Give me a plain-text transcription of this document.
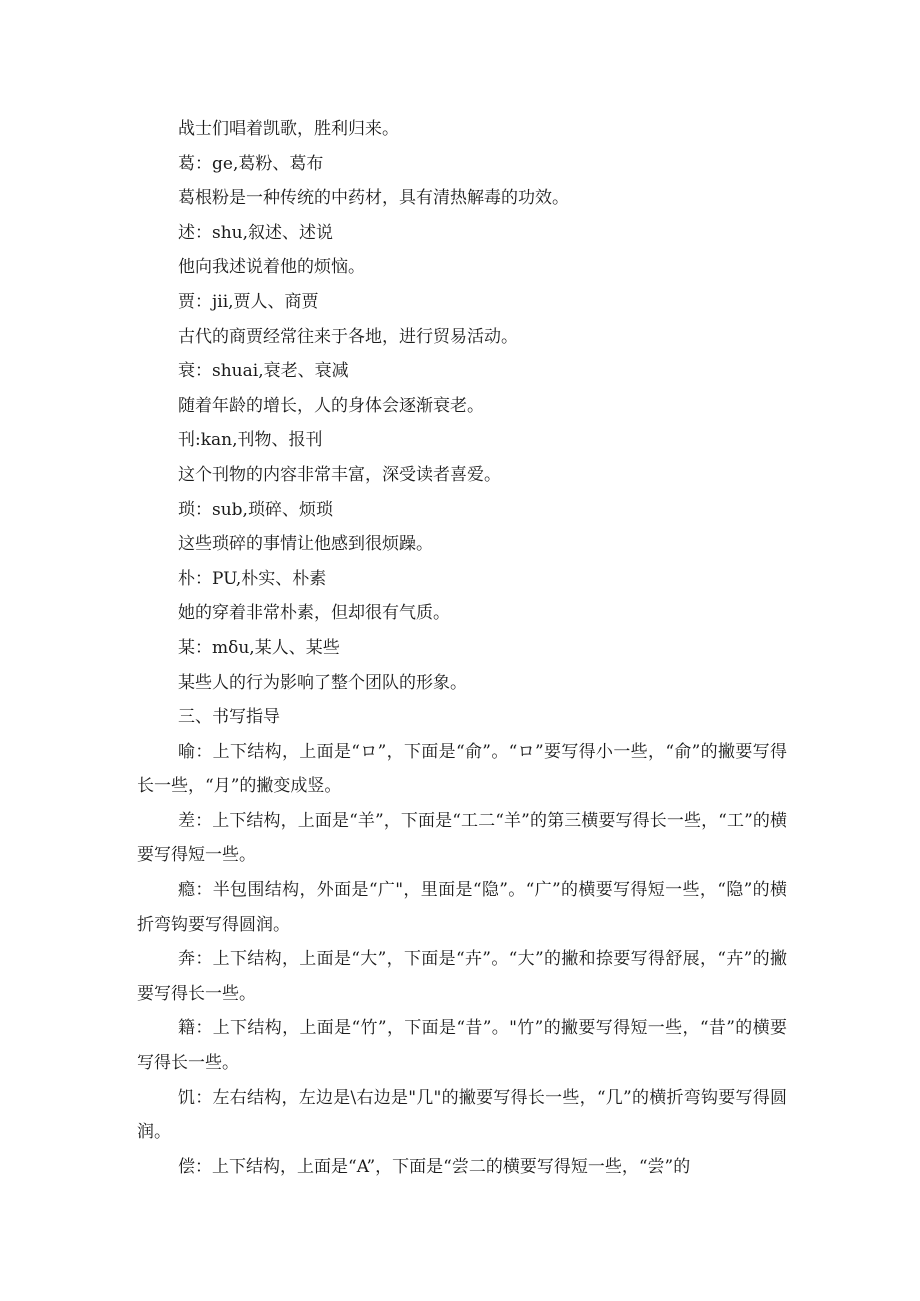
战士们唱着凯歌，胜利归来。

葛：ge,葛粉、葛布

葛根粉是一种传统的中药材，具有清热解毒的功效。

述：shu,叙述、述说

他向我述说着他的烦恼。

贾：jii,贾人、商贾

古代的商贾经常往来于各地，进行贸易活动。

衰：shuai,衰老、衰减

随着年龄的增长，人的身体会逐渐衰老。

刊:kan,刊物、报刊

这个刊物的内容非常丰富，深受读者喜爱。

琐：sub,琐碎、烦琐

这些琐碎的事情让他感到很烦躁。

朴：PU,朴实、朴素

她的穿着非常朴素，但却很有气质。

某：mδu,某人、某些

某些人的行为影响了整个团队的形象。

三、书写指导

喻：上下结构，上面是“ロ”，下面是“俞”。“ロ”要写得小一些，“俞”的撇要写得长一些，“月”的撇变成竖。

差：上下结构，上面是“羊”，下面是“工二“羊”的第三横要写得长一些，“工”的横要写得短一些。

瘾：半包围结构，外面是“广"，里面是“隐”。“广”的横要写得短一些，“隐”的横折弯钩要写得圆润。

奔：上下结构，上面是“大”，下面是“卉”。“大”的撇和捺要写得舒展，“卉”的撇要写得长一些。

籍：上下结构，上面是“竹”，下面是“昔”。"竹”的撇要写得短一些，“昔”的横要写得长一些。

饥：左右结构，左边是\右边是"几"的撇要写得长一些，“几”的横折弯钩要写得圆润。

偿：上下结构，上面是“A”，下面是“尝二的横要写得短一些，“尝”的
